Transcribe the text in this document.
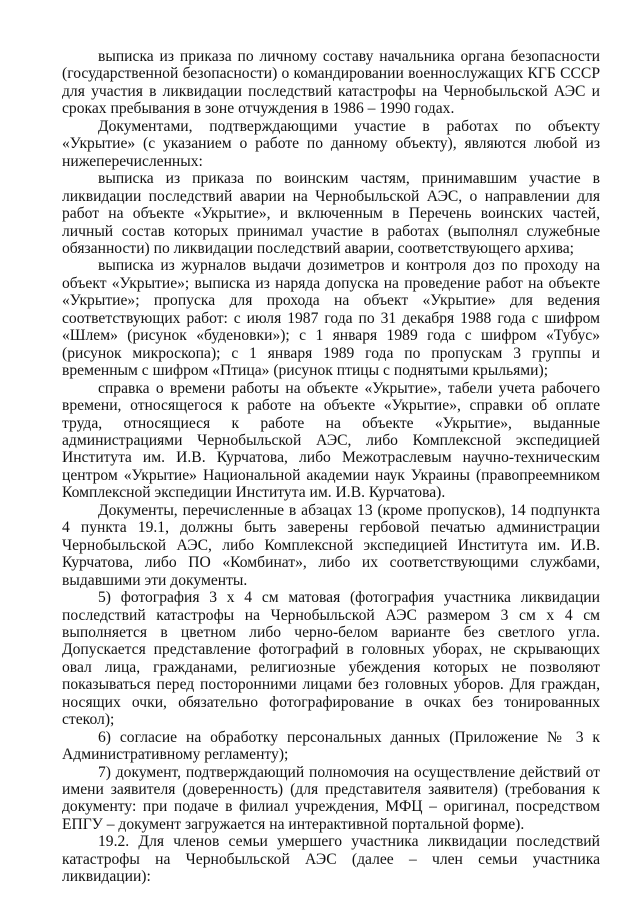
выписка из приказа по личному составу начальника органа безопасности (государственной безопасности) о командировании военнослужащих КГБ СССР для участия в ликвидации последствий катастрофы на Чернобыльской АЭС и сроках пребывания в зоне отчуждения в 1986 – 1990 годах.

Документами, подтверждающими участие в работах по объекту «Укрытие» (с указанием о работе по данному объекту), являются любой из нижеперечисленных:

выписка из приказа по воинским частям, принимавшим участие в ликвидации последствий аварии на Чернобыльской АЭС, о направлении для работ на объекте «Укрытие», и включенным в Перечень воинских частей, личный состав которых принимал участие в работах (выполнял служебные обязанности) по ликвидации последствий аварии, соответствующего архива;

выписка из журналов выдачи дозиметров и контроля доз по проходу на объект «Укрытие»; выписка из наряда допуска на проведение работ на объекте «Укрытие»; пропуска для прохода на объект «Укрытие» для ведения соответствующих работ: с июля 1987 года по 31 декабря 1988 года с шифром «Шлем» (рисунок «буденовки»); с 1 января 1989 года с шифром «Тубус» (рисунок микроскопа); с 1 января 1989 года по пропускам 3 группы и временным с шифром «Птица» (рисунок птицы с поднятыми крыльями);

справка о времени работы на объекте «Укрытие», табели учета рабочего времени, относящегося к работе на объекте «Укрытие», справки об оплате труда, относящиеся к работе на объекте «Укрытие», выданные администрациями Чернобыльской АЭС, либо Комплексной экспедицией Институтa им. И.В. Курчатова, либо Межотраслевым научно-техническим центром «Укрытие» Национальной академии наук Украины (правопреемником Комплексной экспедиции Института им. И.В. Курчатова).

Документы, перечисленные в абзацах 13 (кроме пропусков), 14 подпункта 4 пункта 19.1, должны быть заверены гербовой печатью администрации Чернобыльской АЭС, либо Комплексной экспедицией Института им. И.В. Курчатова, либо ПО «Комбинат», либо их соответствующими службами, выдавшими эти документы.

5) фотография 3 х 4 см матовая (фотография участника ликвидации последствий катастрофы на Чернобыльской АЭС размером 3 см х 4 см выполняется в цветном либо черно-белом варианте без светлого угла. Допускается представление фотографий в головных уборах, не скрывающих овал лица, гражданами, религиозные убеждения которых не позволяют показываться перед посторонними лицами без головных уборов. Для граждан, носящих очки, обязательно фотографирование в очках без тонированных стекол);

6) согласие на обработку персональных данных (Приложение № 3 к Административному регламенту);

7) документ, подтверждающий полномочия на осуществление действий от имени заявителя (доверенность) (для представителя заявителя) (требования к документу: при подаче в филиал учреждения, МФЦ – оригинал, посредством ЕПГУ – документ загружается на интерактивной портальной форме).

19.2. Для членов семьи умершего участника ликвидации последствий катастрофы на Чернобыльской АЭС (далее – член семьи участника ликвидации):
